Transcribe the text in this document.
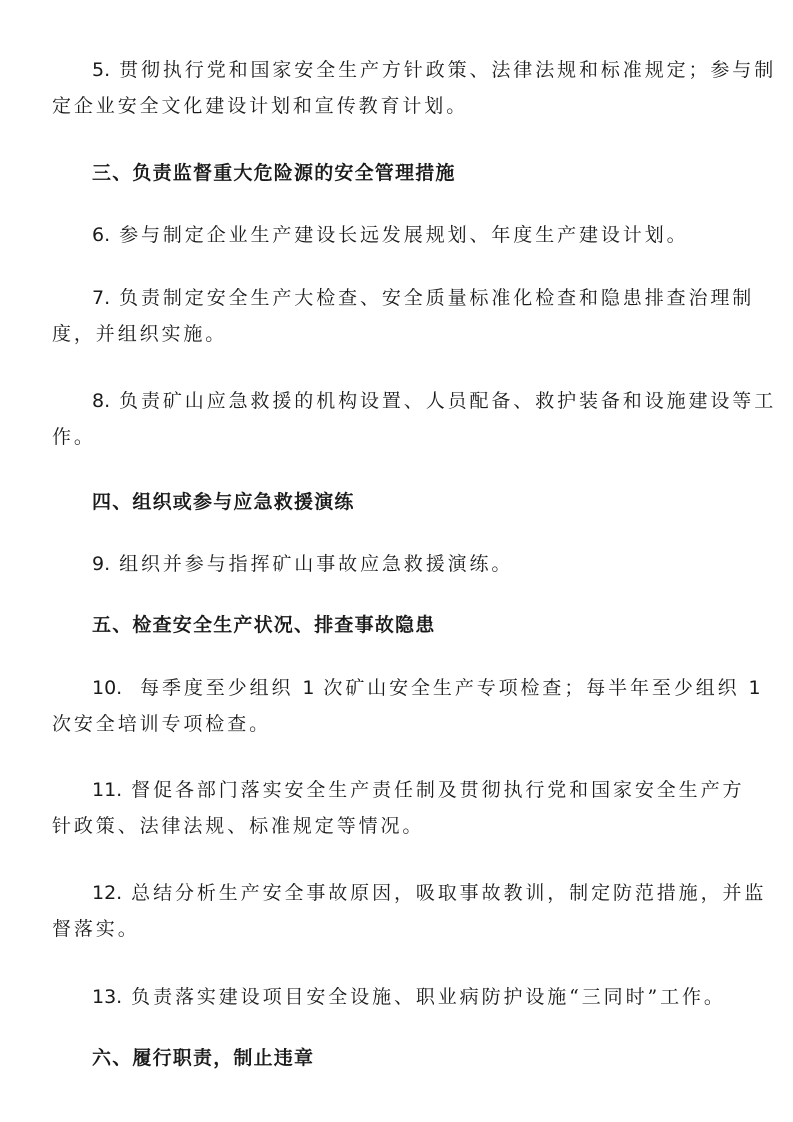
5. 贯彻执行党和国家安全生产方针政策、法律法规和标准规定；参与制
定企业安全文化建设计划和宣传教育计划。
三、负责监督重大危险源的安全管理措施
6. 参与制定企业生产建设长远发展规划、年度生产建设计划。
7. 负责制定安全生产大检查、安全质量标准化检查和隐患排查治理制
度，并组织实施。
8. 负责矿山应急救援的机构设置、人员配备、救护装备和设施建设等工
作。
四、组织或参与应急救援演练
9. 组织并参与指挥矿山事故应急救援演练。
五、检查安全生产状况、排查事故隐患
10. 每季度至少组织 1 次矿山安全生产专项检查；每半年至少组织 1
次安全培训专项检查。
11. 督促各部门落实安全生产责任制及贯彻执行党和国家安全生产方
针政策、法律法规、标准规定等情况。
12. 总结分析生产安全事故原因，吸取事故教训，制定防范措施，并监
督落实。
13. 负责落实建设项目安全设施、职业病防护设施“三同时”工作。
六、履行职责，制止违章
